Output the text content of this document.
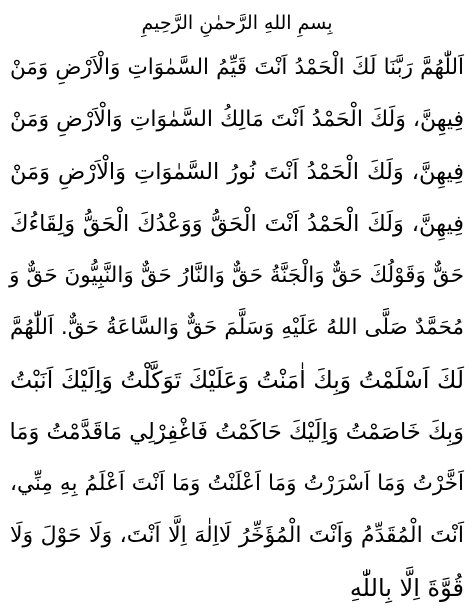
بِسمِ اللهِ الرَّحمٰنِ الرَّحِيمِ
اَللّٰهُمَّ رَبَّنَا لَكَ الْحَمْدُ اَنْتَ قَيِّمُ السَّمٰوَاتِ وَالْاَرْضِ وَمَنْ
فِيهِنَّ، وَلَكَ الْحَمْدُ اَنْتَ مَالِكُ السَّمٰوَاتِ وَالْاَرْضِ وَمَنْ
فِيهِنَّ، وَلَكَ الْحَمْدُ اَنْتَ نُورُ السَّمٰوَاتِ وَالْاَرْضِ وَمَنْ
فِيهِنَّ، وَلَكَ الْحَمْدُ اَنْتَ الْحَقُّ وَوَعْدُكَ الْحَقُّ وَلِقَاءُكَ
حَقٌّ وَقَوْلُكَ حَقٌّ وَالْجَنَّةُ حَقٌّ وَالنَّارُ حَقٌّ وَالنَّبِيُّونَ حَقٌّ وَ
مُحَمَّدٌ صَلَّى اللهُ عَلَيْهِ وَسَلَّمَ حَقٌّ وَالسَّاعَةُ حَقٌّ. اَللّٰهُمَّ
لَكَ اَسْلَمْتُ وَبِكَ اٰمَنْتُ وَعَلَيْكَ تَوَكَّلْتُ وَاِلَيْكَ اَنَبْتُ
وَبِكَ خَاصَمْتُ وَاِلَيْكَ حَاكَمْتُ فَاغْفِرْلِي مَاقَدَّمْتُ وَمَا
اَخَّرْتُ وَمَا اَسْرَرْتُ وَمَا اَعْلَنْتُ وَمَا اَنْتَ اَعْلَمُ بِهِ مِنِّي،
اَنْتَ الْمُقَدِّمُ وَاَنْتَ الْمُؤَخِّرُ لَااِلٰهَ اِلَّا اَنْتَ، وَلَا حَوْلَ وَلَا
قُوَّةَ اِلَّا بِاللّٰهِ
